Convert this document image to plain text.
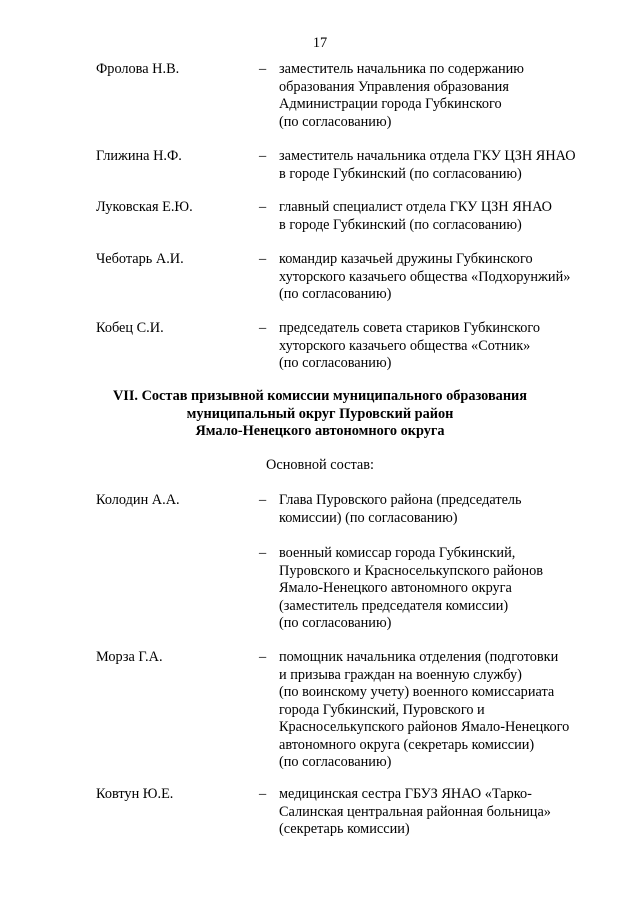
17
Фролова Н.В.	– заместитель начальника по содержанию
образования Управления образования
Администрации города Губкинского
(по согласованию)
Глижина Н.Ф.	– заместитель начальника отдела ГКУ ЦЗН ЯНАО
в городе Губкинский (по согласованию)
Луковская Е.Ю.	– главный специалист отдела ГКУ ЦЗН ЯНАО
в городе Губкинский (по согласованию)
Чеботарь А.И.	– командир казачьей дружины Губкинского
хуторского казачьего общества «Подхорунжий»
(по согласованию)
Кобец С.И.	– председатель совета стариков Губкинского
хуторского казачьего общества «Сотник»
(по согласованию)
VII. Состав призывной комиссии муниципального образования
муниципальный округ Пуровский район
Ямало-Ненецкого автономного округа
Основной состав:
Колодин А.А.	– Глава Пуровского района (председатель
комиссии) (по согласованию)
– военный комиссар города Губкинский,
Пуровского и Красноселькупского районов
Ямало-Ненецкого автономного округа
(заместитель председателя комиссии)
(по согласованию)
Морза Г.А.	– помощник начальника отделения (подготовки
и призыва граждан на военную службу)
(по воинскому учету) военного комиссариата
города Губкинский, Пуровского и
Красноселькупского районов Ямало-Ненецкого
автономного округа (секретарь комиссии)
(по согласованию)
Ковтун Ю.Е.	– медицинская сестра ГБУЗ ЯНАО «Тарко-
Салинская центральная районная больница»
(секретарь комиссии)
